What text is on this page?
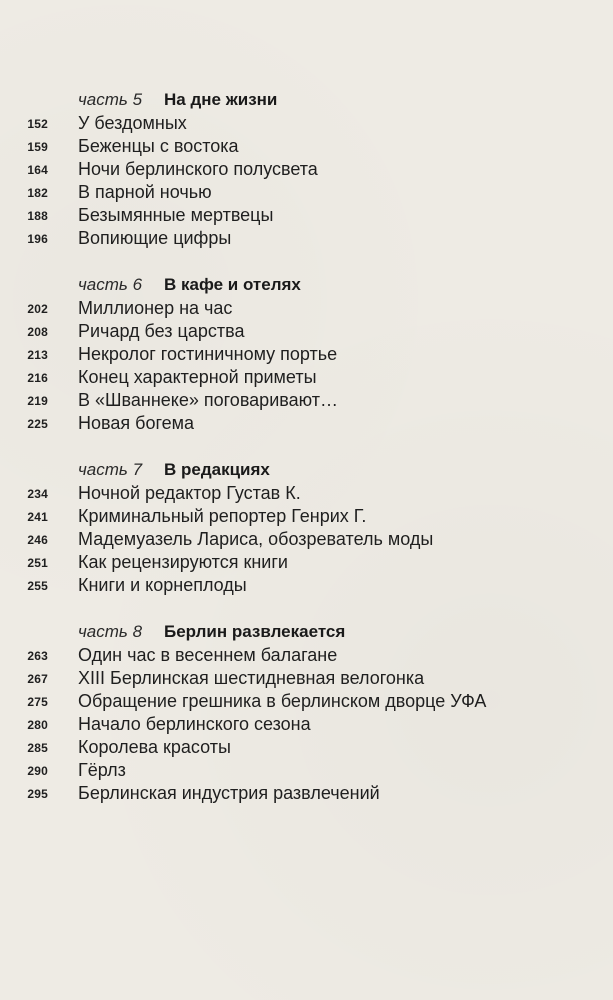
часть 5	На дне жизни
152 У бездомных
159 Беженцы с востока
164 Ночи берлинского полусвета
182 В парной ночью
188 Безымянные мертвецы
196 Вопиющие цифры
часть 6	В кафе и отелях
202 Миллионер на час
208 Ричард без царства
213 Некролог гостиничному портье
216 Конец характерной приметы
219 В «Шваннеке» поговаривают…
225 Новая богема
часть 7	В редакциях
234 Ночной редактор Густав К.
241 Криминальный репортер Генрих Г.
246 Мадемуазель Лариса, обозреватель моды
251 Как рецензируются книги
255 Книги и корнеплоды
часть 8	Берлин развлекается
263 Один час в весеннем балагане
267 XIII Берлинская шестидневная велогонка
275 Обращение грешника в берлинском дворце УФА
280 Начало берлинского сезона
285 Королева красоты
290 Гёрлз
295 Берлинская индустрия развлечений
